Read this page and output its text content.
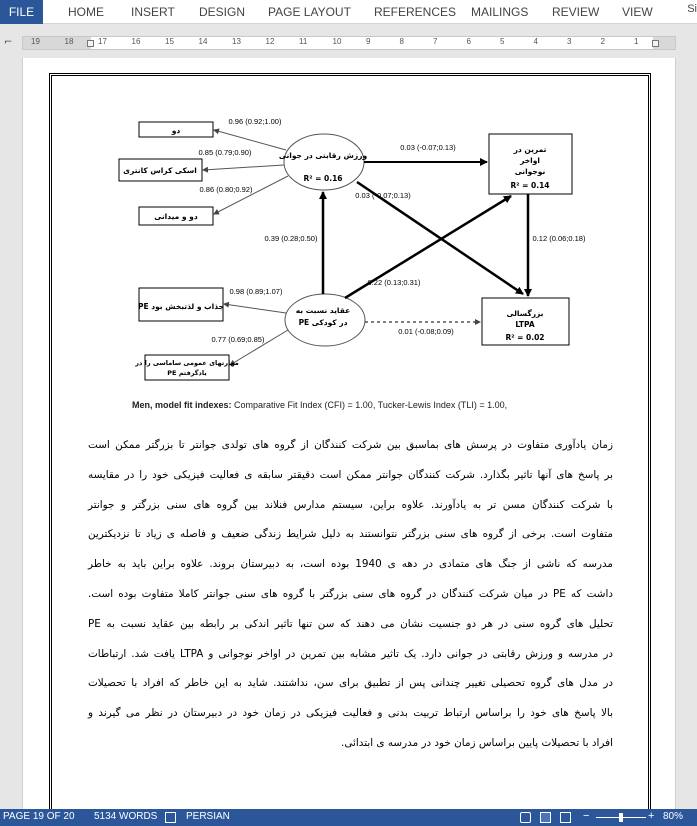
FILE	HOME INSERT DESIGN PAGE LAYOUT REFERENCES MAILINGS REVIEW VIEW	Si
⌐ 19	18	17	16	15	14	13	12	11	10	9	8	7	6	5	4	3	2	1
دو
اسکی کراس کانتری
دو و میدانی
ورزش رقابتی در جوانی
R² = 0.16
تمرین در
اواخر
نوجوانی
R² = 0.14
عقاید نسبت به
PE در کودکی
PE جذاب و لذتبخش بود
مهارتهای عمومی ساماسی را در
PE یادگرفتم
بزرگسالی
LTPA
R² = 0.02
0.96 (0.92;1.00)
0.85 (0.79;0.90)
0.86 (0.80;0.92)
0.03 (-0.07;0.13)
0.03 (-0.07;0.13)
0.39 (0.28;0.50)	0.12 (0.06;0.18)
0.22 (0.13;0.31)
0.98 (0.89;1.07)
0.77 (0.69;0.85)
0.01 (-0.08;0.09)
Men, model fit indexes: Comparative Fit Index (CFI) = 1.00, Tucker-Lewis Index (TLI) = 1.00,

زمان یادآوری متفاوت در پرسش های بماسبق بین شرکت کنندگان از گروه های تولدی جوانتر تا بزرگتر ممکن است

بر پاسخ های آنها تاثیر بگذارد. شرکت کنندگان جوانتر ممکن است دقیقتر سابقه ی فعالیت فیزیکی خود را در مقایسه

با شرکت کنندگان مسن تر به یادآورند. علاوه براین، سیستم مدارس فنلاند بین گروه های سنی بزرگتر و جوانتر

متفاوت است. برخی از گروه های سنی بزرگتر نتوانستند به دلیل شرایط زندگی ضعیف و فاصله ی زیاد تا نزدیکترین

مدرسه که ناشی از جنگ های متمادی در دهه ی 1940 بوده است، به دبیرستان بروند. علاوه براین باید به خاطر

داشت که PE در میان شرکت کنندگان در گروه های سنی بزرگتر با گروه های سنی جوانتر کاملا متفاوت بوده است.

تحلیل های گروه سنی در هر دو جنسیت نشان می دهند که سن تنها تاثیر اندکی بر رابطه بین عقاید نسبت به PE

در مدرسه و ورزش رقابتی در جوانی دارد. یک تاثیر مشابه بین تمرین در اواخر نوجوانی و LTPA یافت شد. ارتباطات

در مدل های گروه تحصیلی تغییر چندانی پس از تطبیق برای سن، نداشتند. شاید به این خاطر که افراد با تحصیلات

بالا پاسخ های خود را براساس ارتباط تربیت بدنی و فعالیت فیزیکی در زمان خود در دبیرستان در نظر می گیرند و

افراد با تحصیلات پایین براساس زمان خود در مدرسه ی ابتدائی.

PAGE 19 OF 20 5134 WORDS	PERSIAN	−	+ 80%
